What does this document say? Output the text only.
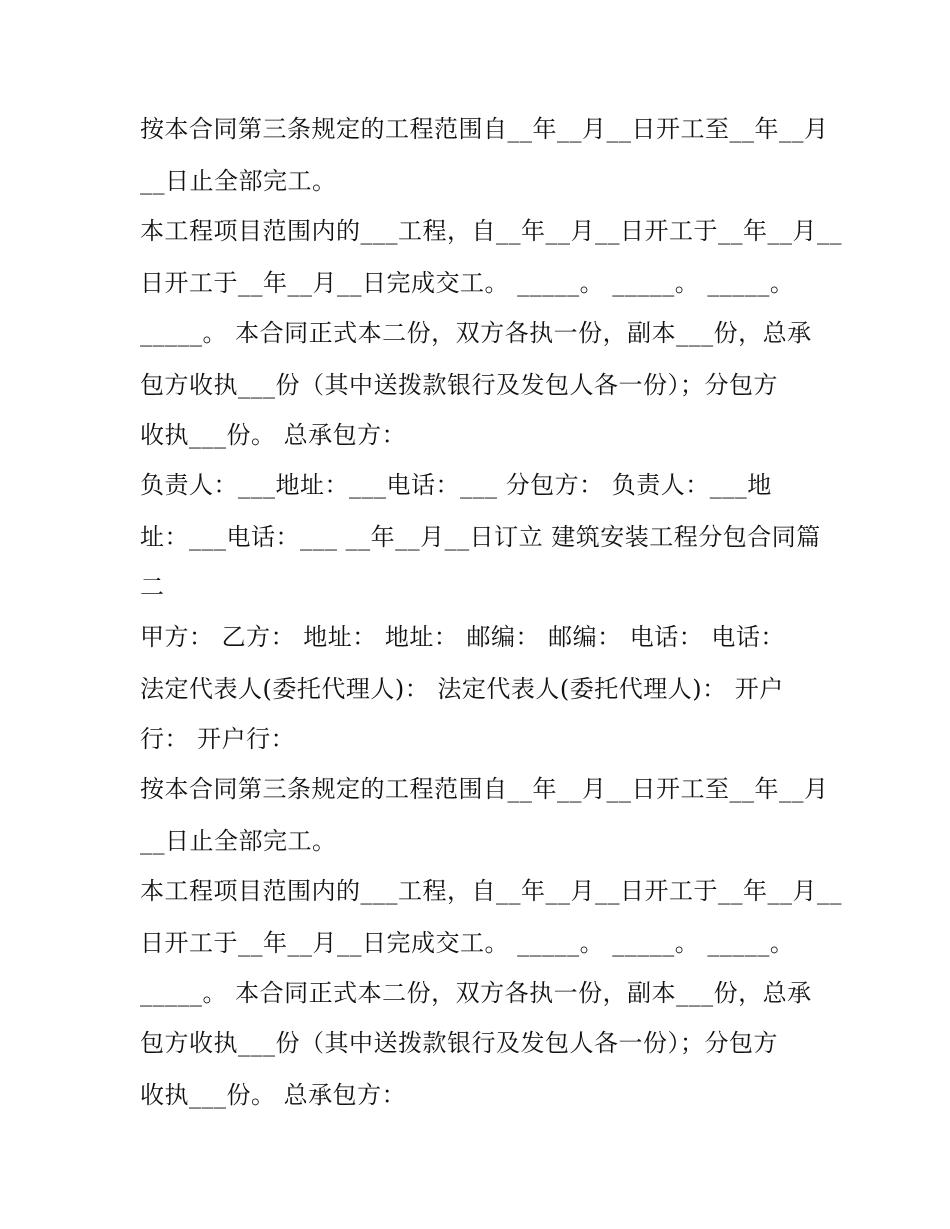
按本合同第三条规定的工程范围自__年__月__日开工至__年__月
__日止全部完工。
本工程项目范围内的___工程，自__年__月__日开工于__年__月__
日开工于__年__月__日完成交工。 _____。 _____。 _____。
_____。 本合同正式本二份，双方各执一份，副本___份，总承
包方收执___份（其中送拨款银行及发包人各一份）；分包方
收执___份。 总承包方：
负责人：___地址：___电话：___ 分包方： 负责人：___地
址：___电话：___ __年__月__日订立 建筑安装工程分包合同篇
二
甲方： 乙方： 地址： 地址： 邮编： 邮编： 电话： 电话：
法定代表人(委托代理人)： 法定代表人(委托代理人)： 开户
行： 开户行：
按本合同第三条规定的工程范围自__年__月__日开工至__年__月
__日止全部完工。
本工程项目范围内的___工程，自__年__月__日开工于__年__月__
日开工于__年__月__日完成交工。 _____。 _____。 _____。
_____。 本合同正式本二份，双方各执一份，副本___份，总承
包方收执___份（其中送拨款银行及发包人各一份）；分包方
收执___份。 总承包方：
